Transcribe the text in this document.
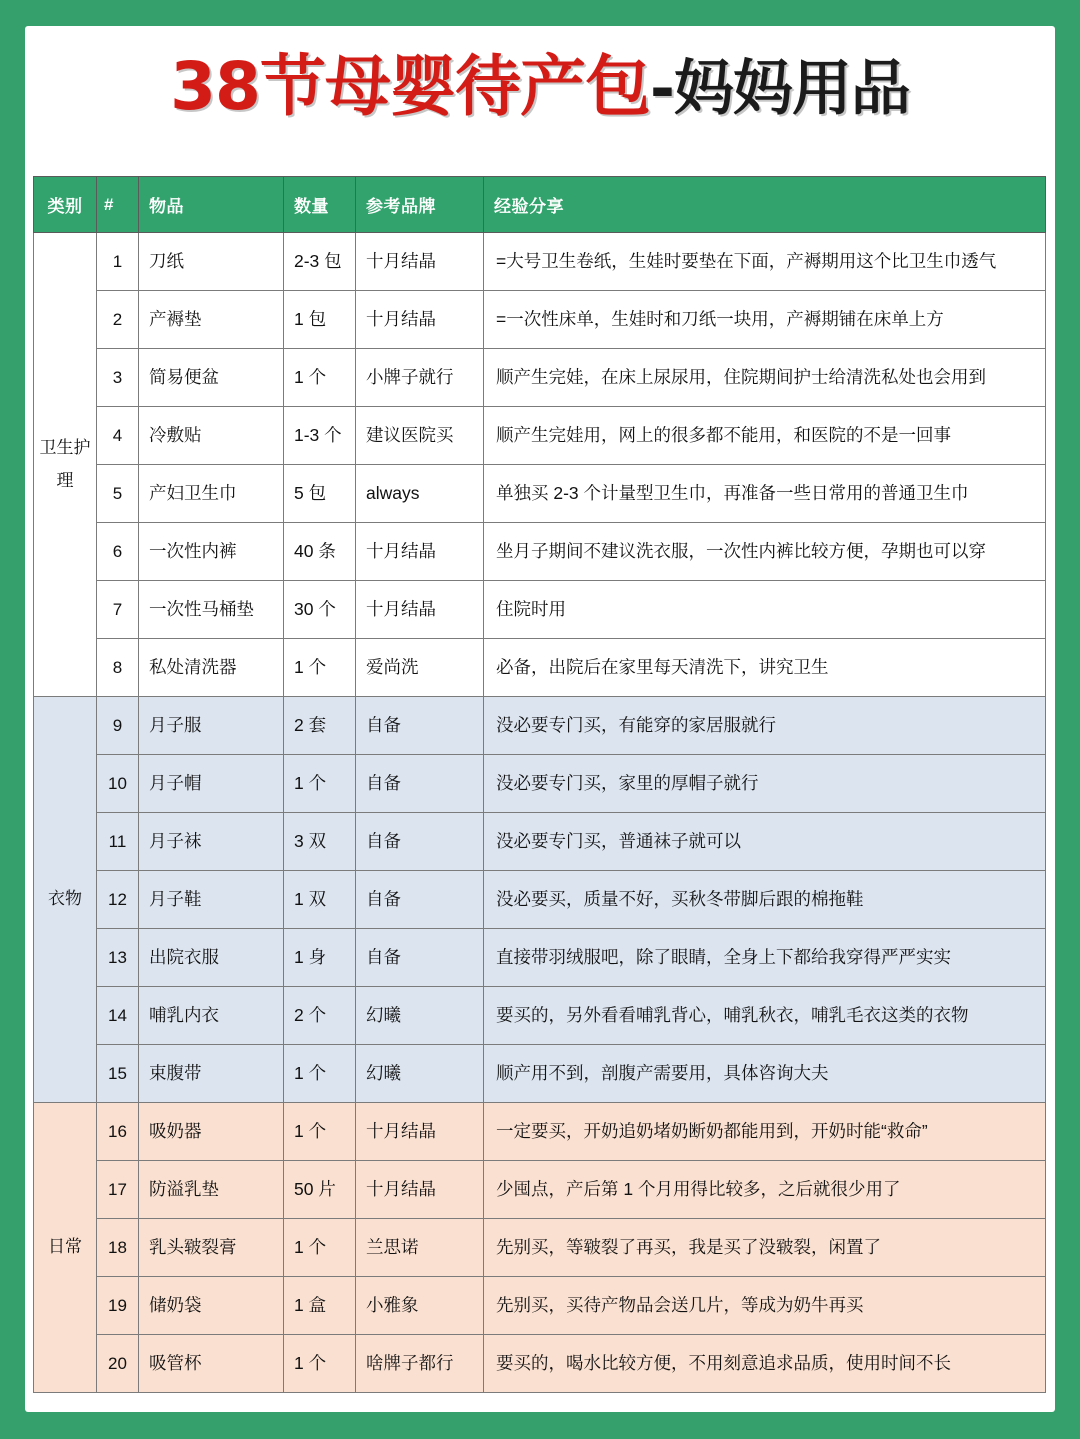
38节母婴待产包-妈妈用品
类别	#	物品	数量	参考品牌	经验分享
卫生护理	1	刀纸	2-3 包	十月结晶	=大号卫生卷纸，生娃时要垫在下面，产褥期用这个比卫生巾透气
	2	产褥垫	1 包	十月结晶	=一次性床单，生娃时和刀纸一块用，产褥期铺在床单上方
	3	简易便盆	1 个	小牌子就行	顺产生完娃，在床上尿尿用，住院期间护士给清洗私处也会用到
	4	冷敷贴	1-3 个	建议医院买	顺产生完娃用，网上的很多都不能用，和医院的不是一回事
	5	产妇卫生巾	5 包	always	单独买 2-3 个计量型卫生巾，再准备一些日常用的普通卫生巾
	6	一次性内裤	40 条	十月结晶	坐月子期间不建议洗衣服，一次性内裤比较方便，孕期也可以穿
	7	一次性马桶垫	30 个	十月结晶	住院时用
	8	私处清洗器	1 个	爱尚洗	必备，出院后在家里每天清洗下，讲究卫生
衣物	9	月子服	2 套	自备	没必要专门买，有能穿的家居服就行
	10	月子帽	1 个	自备	没必要专门买，家里的厚帽子就行
	11	月子袜	3 双	自备	没必要专门买，普通袜子就可以
	12	月子鞋	1 双	自备	没必要买，质量不好，买秋冬带脚后跟的棉拖鞋
	13	出院衣服	1 身	自备	直接带羽绒服吧，除了眼睛，全身上下都给我穿得严严实实
	14	哺乳内衣	2 个	幻曦	要买的，另外看看哺乳背心，哺乳秋衣，哺乳毛衣这类的衣物
	15	束腹带	1 个	幻曦	顺产用不到，剖腹产需要用，具体咨询大夫
日常	16	吸奶器	1 个	十月结晶	一定要买，开奶追奶堵奶断奶都能用到，开奶时能“救命”
	17	防溢乳垫	50 片	十月结晶	少囤点，产后第 1 个月用得比较多，之后就很少用了
	18	乳头皲裂膏	1 个	兰思诺	先别买，等皲裂了再买，我是买了没皲裂，闲置了
	19	储奶袋	1 盒	小雅象	先别买，买待产物品会送几片，等成为奶牛再买
	20	吸管杯	1 个	啥牌子都行	要买的，喝水比较方便，不用刻意追求品质，使用时间不长
